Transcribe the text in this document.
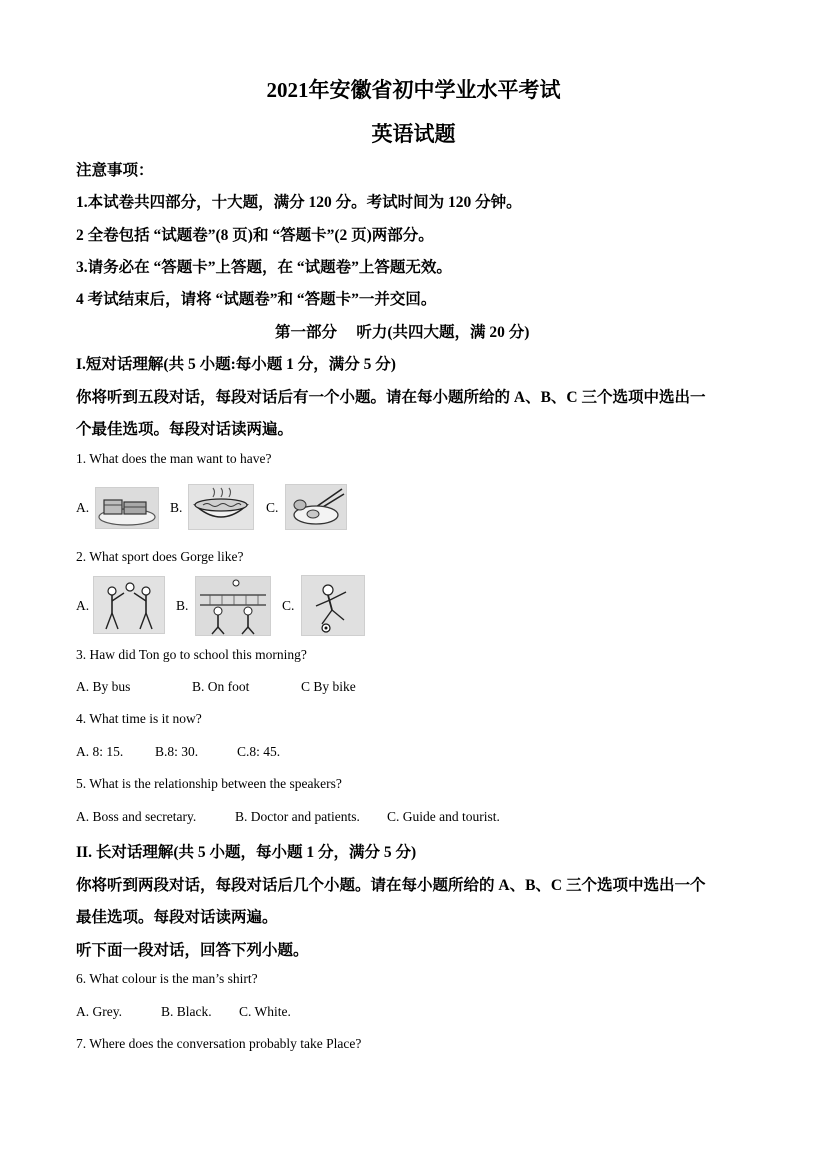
2021年安徽省初中学业水平考试
英语试题
注意事项：
1.本试卷共四部分，十大题，满分 120 分。考试时间为 120 分钟。
2 全卷包括 “试题卷”(8 页)和 “答题卡”(2 页)两部分。
3.请务必在 “答题卡”上答题，在 “试题卷”上答题无效。
4 考试结束后，请将 “试题卷”和 “答题卡”一并交回。
第一部分　 听力(共四大题，满 20 分)
I.短对话理解(共 5 小题:每小题 1 分，满分 5 分)
你将听到五段对话，每段对话后有一个小题。请在每小题所给的 A、B、C 三个选项中选出一
个最佳选项。每段对话读两遍。
1. What does the man want to have?
A.	B.	C.
2. What sport does Gorge like?
A.	B.	C.
3. Haw did Ton go to school this morning?
A. By bus	B. On foot	C By bike
4. What time is it now?
A. 8: 15. B.8: 30.	C.8: 45.
5. What is the relationship between the speakers?
A. Boss and secretary.	B. Doctor and patients. C. Guide and tourist.
II. 长对话理解(共 5 小题，每小题 1 分，满分 5 分)
你将听到两段对话，每段对话后几个小题。请在每小题所给的 A、B、C 三个选项中选出一个
最佳选项。每段对话读两遍。
听下面一段对话，回答下列小题。
6. What colour is the man’s shirt?
A. Grey.	B. Black. C. White.
7. Where does the conversation probably take Place?
